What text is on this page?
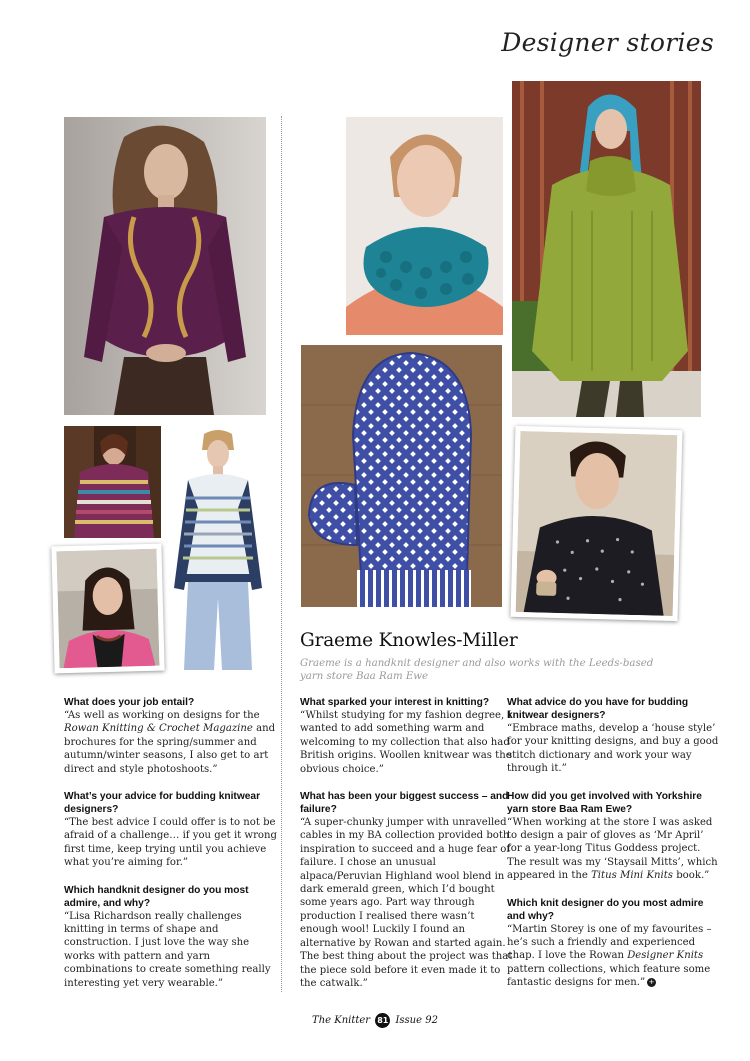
Designer stories
Graeme Knowles-Miller
Graeme is a handknit designer and also works with the Leeds-based yarn store Baa Ram Ewe
What does your job entail?
“As well as working on designs for the Rowan Knitting & Crochet Magazine and brochures for the spring/summer and autumn/winter seasons, I also get to art direct and style photoshoots.”
What’s your advice for budding knitwear designers?
“The best advice I could offer is to not be afraid of a challenge… if you get it wrong first time, keep trying until you achieve what you’re aiming for.”
Which handknit designer do you most admire, and why?
“Lisa Richardson really challenges knitting in terms of shape and construction. I just love the way she works with pattern and yarn combinations to create something really interesting yet very wearable.”
What sparked your interest in knitting?
“Whilst studying for my fashion degree, I wanted to add something warm and welcoming to my collection that also had British origins. Woollen knitwear was the obvious choice.”
What has been your biggest success – and failure?
“A super-chunky jumper with unravelled cables in my BA collection provided both inspiration to succeed and a huge fear of failure. I chose an unusual alpaca/Peruvian Highland wool blend in dark emerald green, which I’d bought some years ago. Part way through production I realised there wasn’t enough wool! Luckily I found an alternative by Rowan and started again. The best thing about the project was that the piece sold before it even made it to the catwalk.”
What advice do you have for budding knitwear designers?
“Embrace maths, develop a ‘house style’ for your knitting designs, and buy a good stitch dictionary and work your way through it.”
How did you get involved with Yorkshire yarn store Baa Ram Ewe?
“When working at the store I was asked to design a pair of gloves as ‘Mr April’ for a year-long Titus Goddess project. The result was my ‘Staysail Mitts’, which appeared in the Titus Mini Knits book.”
Which knit designer do you most admire and why?
“Martin Storey is one of my favourites – he’s such a friendly and experienced chap. I love the Rowan Designer Knits pattern collections, which feature some fantastic designs for men.” +
The Knitter 81 Issue 92
